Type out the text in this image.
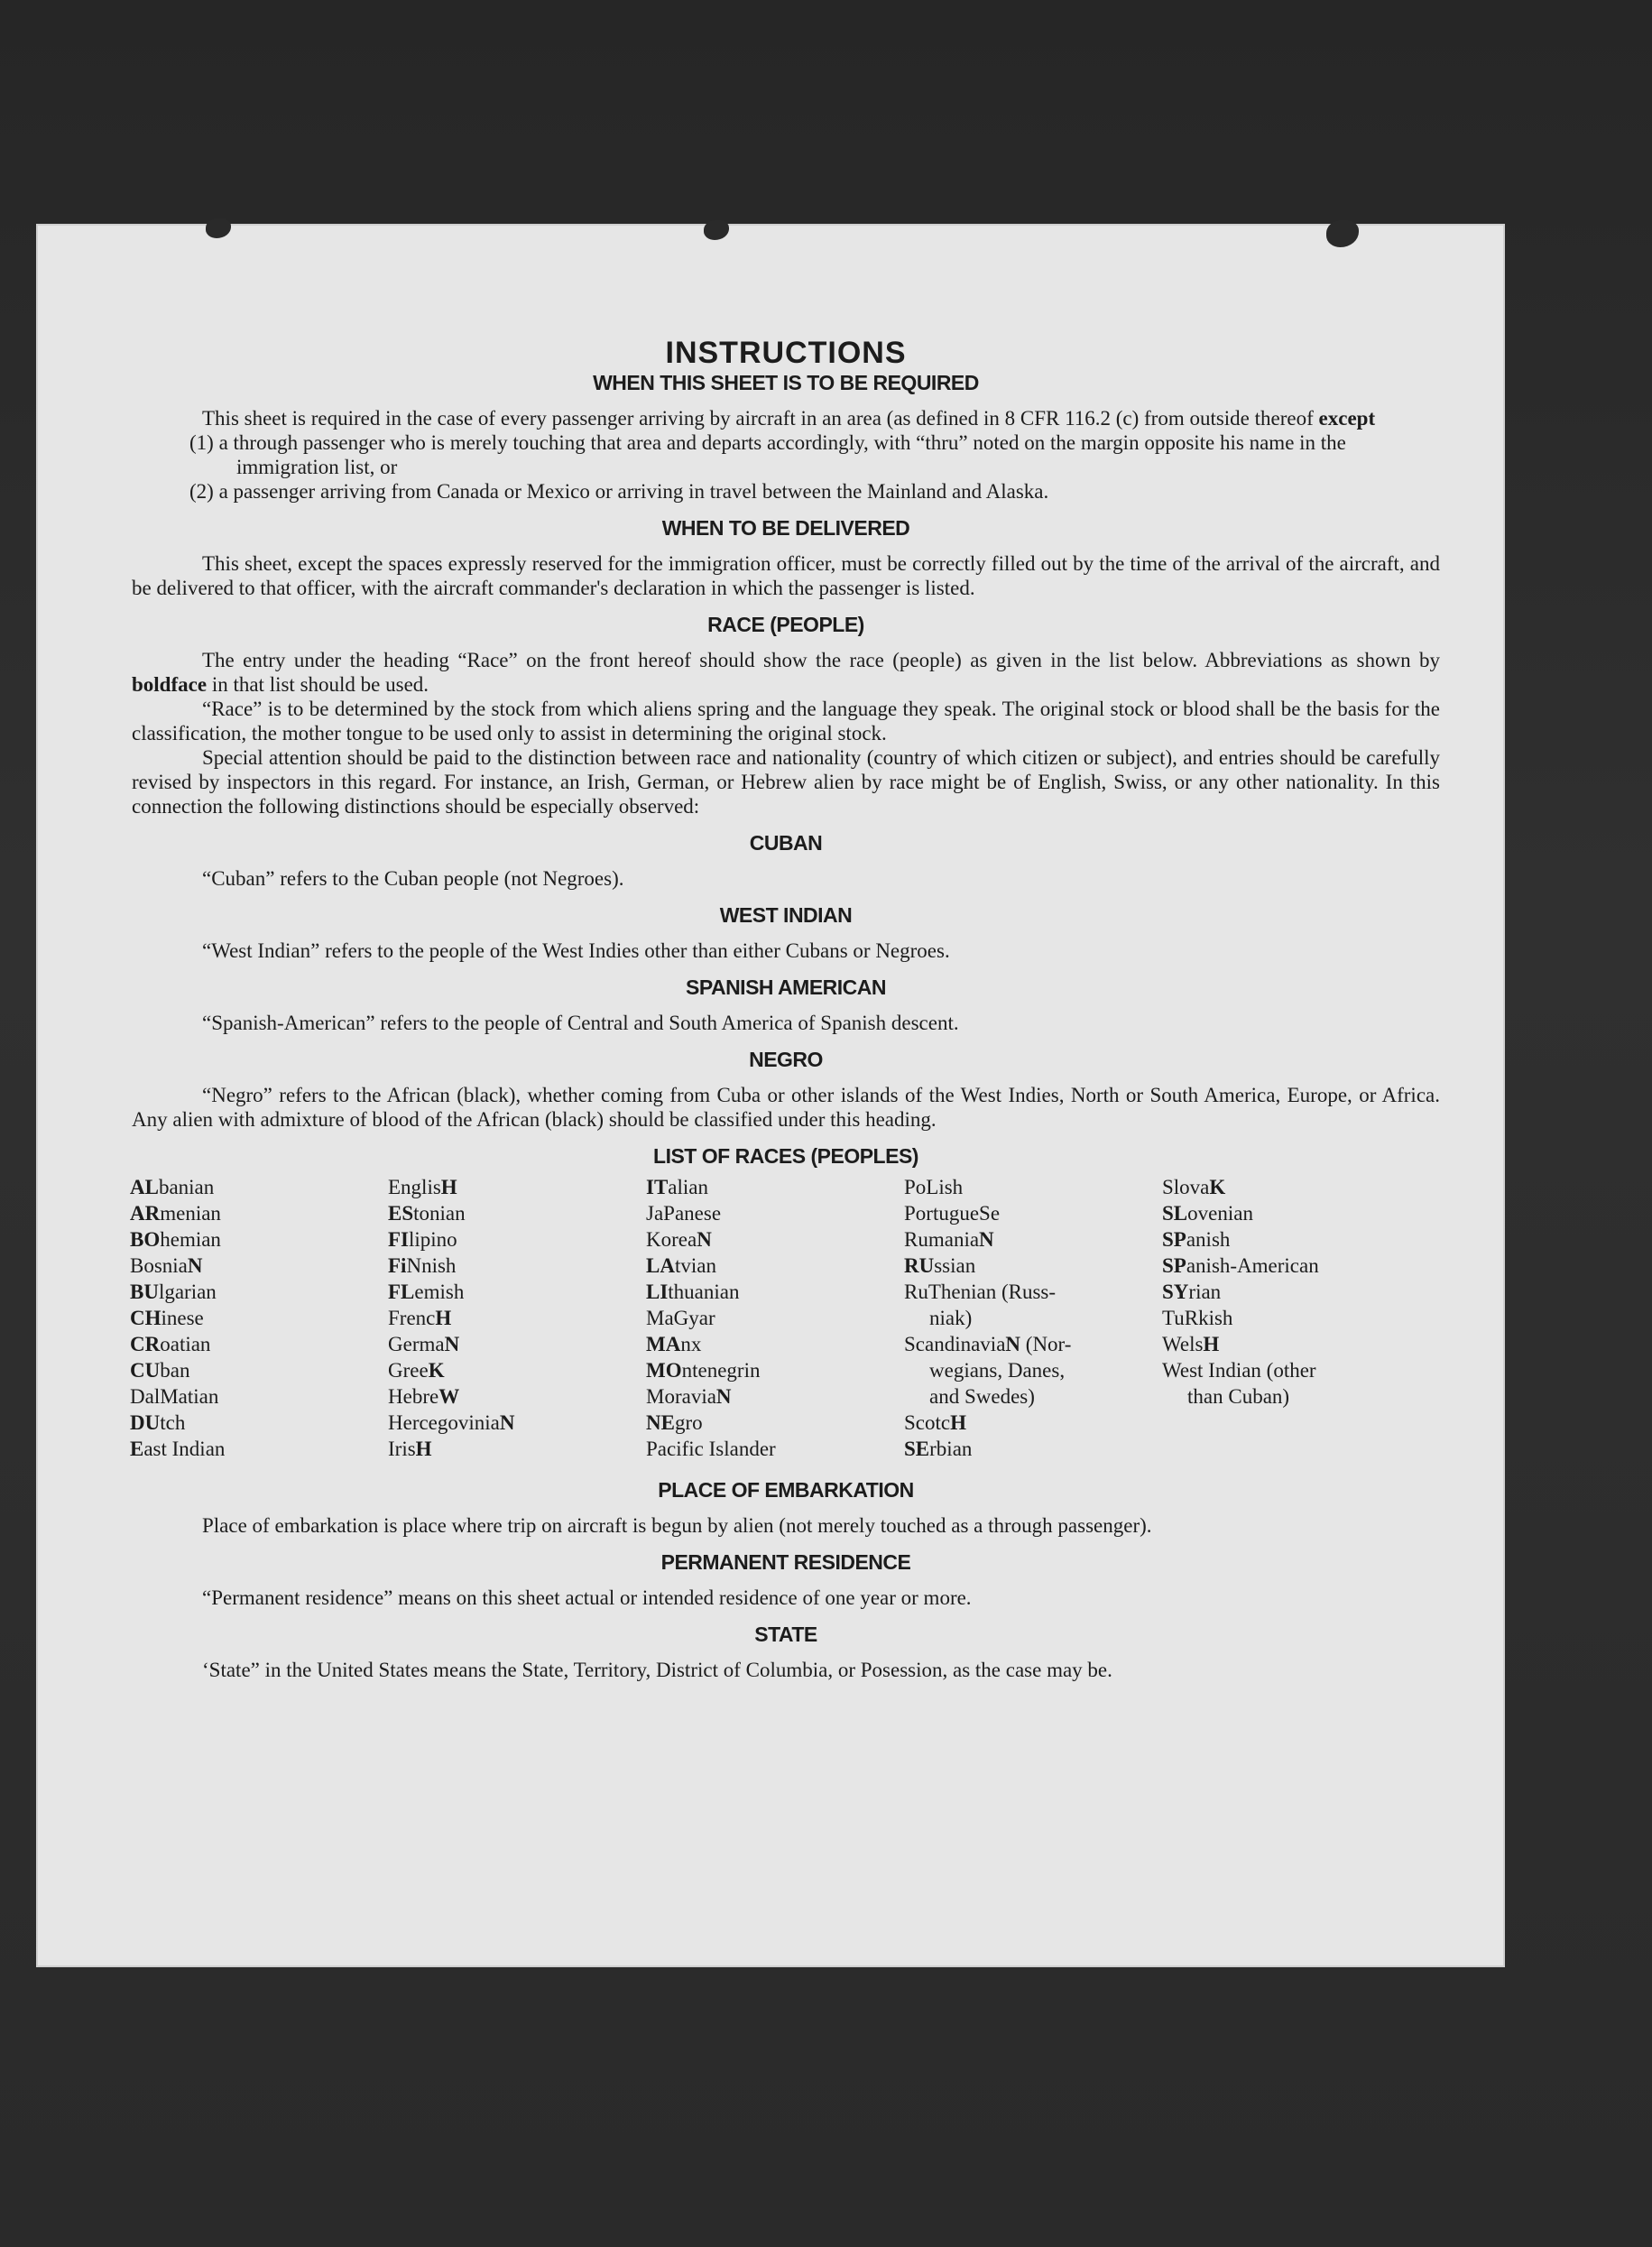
INSTRUCTIONS
WHEN THIS SHEET IS TO BE REQUIRED

This sheet is required in the case of every passenger arriving by aircraft in an area (as defined in 8 CFR 116.2 (c) from outside thereof except

(1) a through passenger who is merely touching that area and departs accordingly, with “thru” noted on the margin opposite his name in the immigration list, or

(2) a passenger arriving from Canada or Mexico or arriving in travel between the Mainland and Alaska.

WHEN TO BE DELIVERED

This sheet, except the spaces expressly reserved for the immigration officer, must be correctly filled out by the time of the arrival of the aircraft, and be delivered to that officer, with the aircraft commander's declaration in which the passenger is listed.

RACE (PEOPLE)

The entry under the heading “Race” on the front hereof should show the race (people) as given in the list below. Abbreviations as shown by boldface in that list should be used.

“Race” is to be determined by the stock from which aliens spring and the language they speak. The original stock or blood shall be the basis for the classification, the mother tongue to be used only to assist in determining the original stock.

Special attention should be paid to the distinction between race and nationality (country of which citizen or subject), and entries should be carefully revised by inspectors in this regard. For instance, an Irish, German, or Hebrew alien by race might be of English, Swiss, or any other nationality. In this connection the following distinctions should be especially observed:

CUBAN

“Cuban” refers to the Cuban people (not Negroes).

WEST INDIAN

“West Indian” refers to the people of the West Indies other than either Cubans or Negroes.

SPANISH AMERICAN

“Spanish-American” refers to the people of Central and South America of Spanish descent.

NEGRO

“Negro” refers to the African (black), whether coming from Cuba or other islands of the West Indies, North or South America, Europe, or Africa. Any alien with admixture of blood of the African (black) should be classified under this heading.

LIST OF RACES (PEOPLES)
ALbanian
ARmenian
BOhemian
BosniaN
BUlgarian
CHinese
CRoatian
CUban
DalMatian
DUtch
East Indian
EnglisH
EStonian
FIlipino
FiNnish
FLemish
FrencH
GermaN
GreeK
HebreW
HercegoviniaN
IrisH
ITalian
JaPanese
KoreaN
LAtvian
LIthuanian
MaGyar
MAnx
MOntenegrin
MoraviaN
NEgro
Pacific Islander
PoLish
PortugueSe
RumaniaN
RUssian
RuThenian (Russ-
niak)
ScandinaviaN (Nor-
wegians, Danes,
and Swedes)
ScotcH
SErbian
SlovaK
SLovenian
SPanish
SPanish-American
SYrian
TuRkish
WelsH
West Indian (other
than Cuban)
PLACE OF EMBARKATION

Place of embarkation is place where trip on aircraft is begun by alien (not merely touched as a through passenger).

PERMANENT RESIDENCE

“Permanent residence” means on this sheet actual or intended residence of one year or more.

STATE

‘State” in the United States means the State, Territory, District of Columbia, or Posession, as the case may be.
